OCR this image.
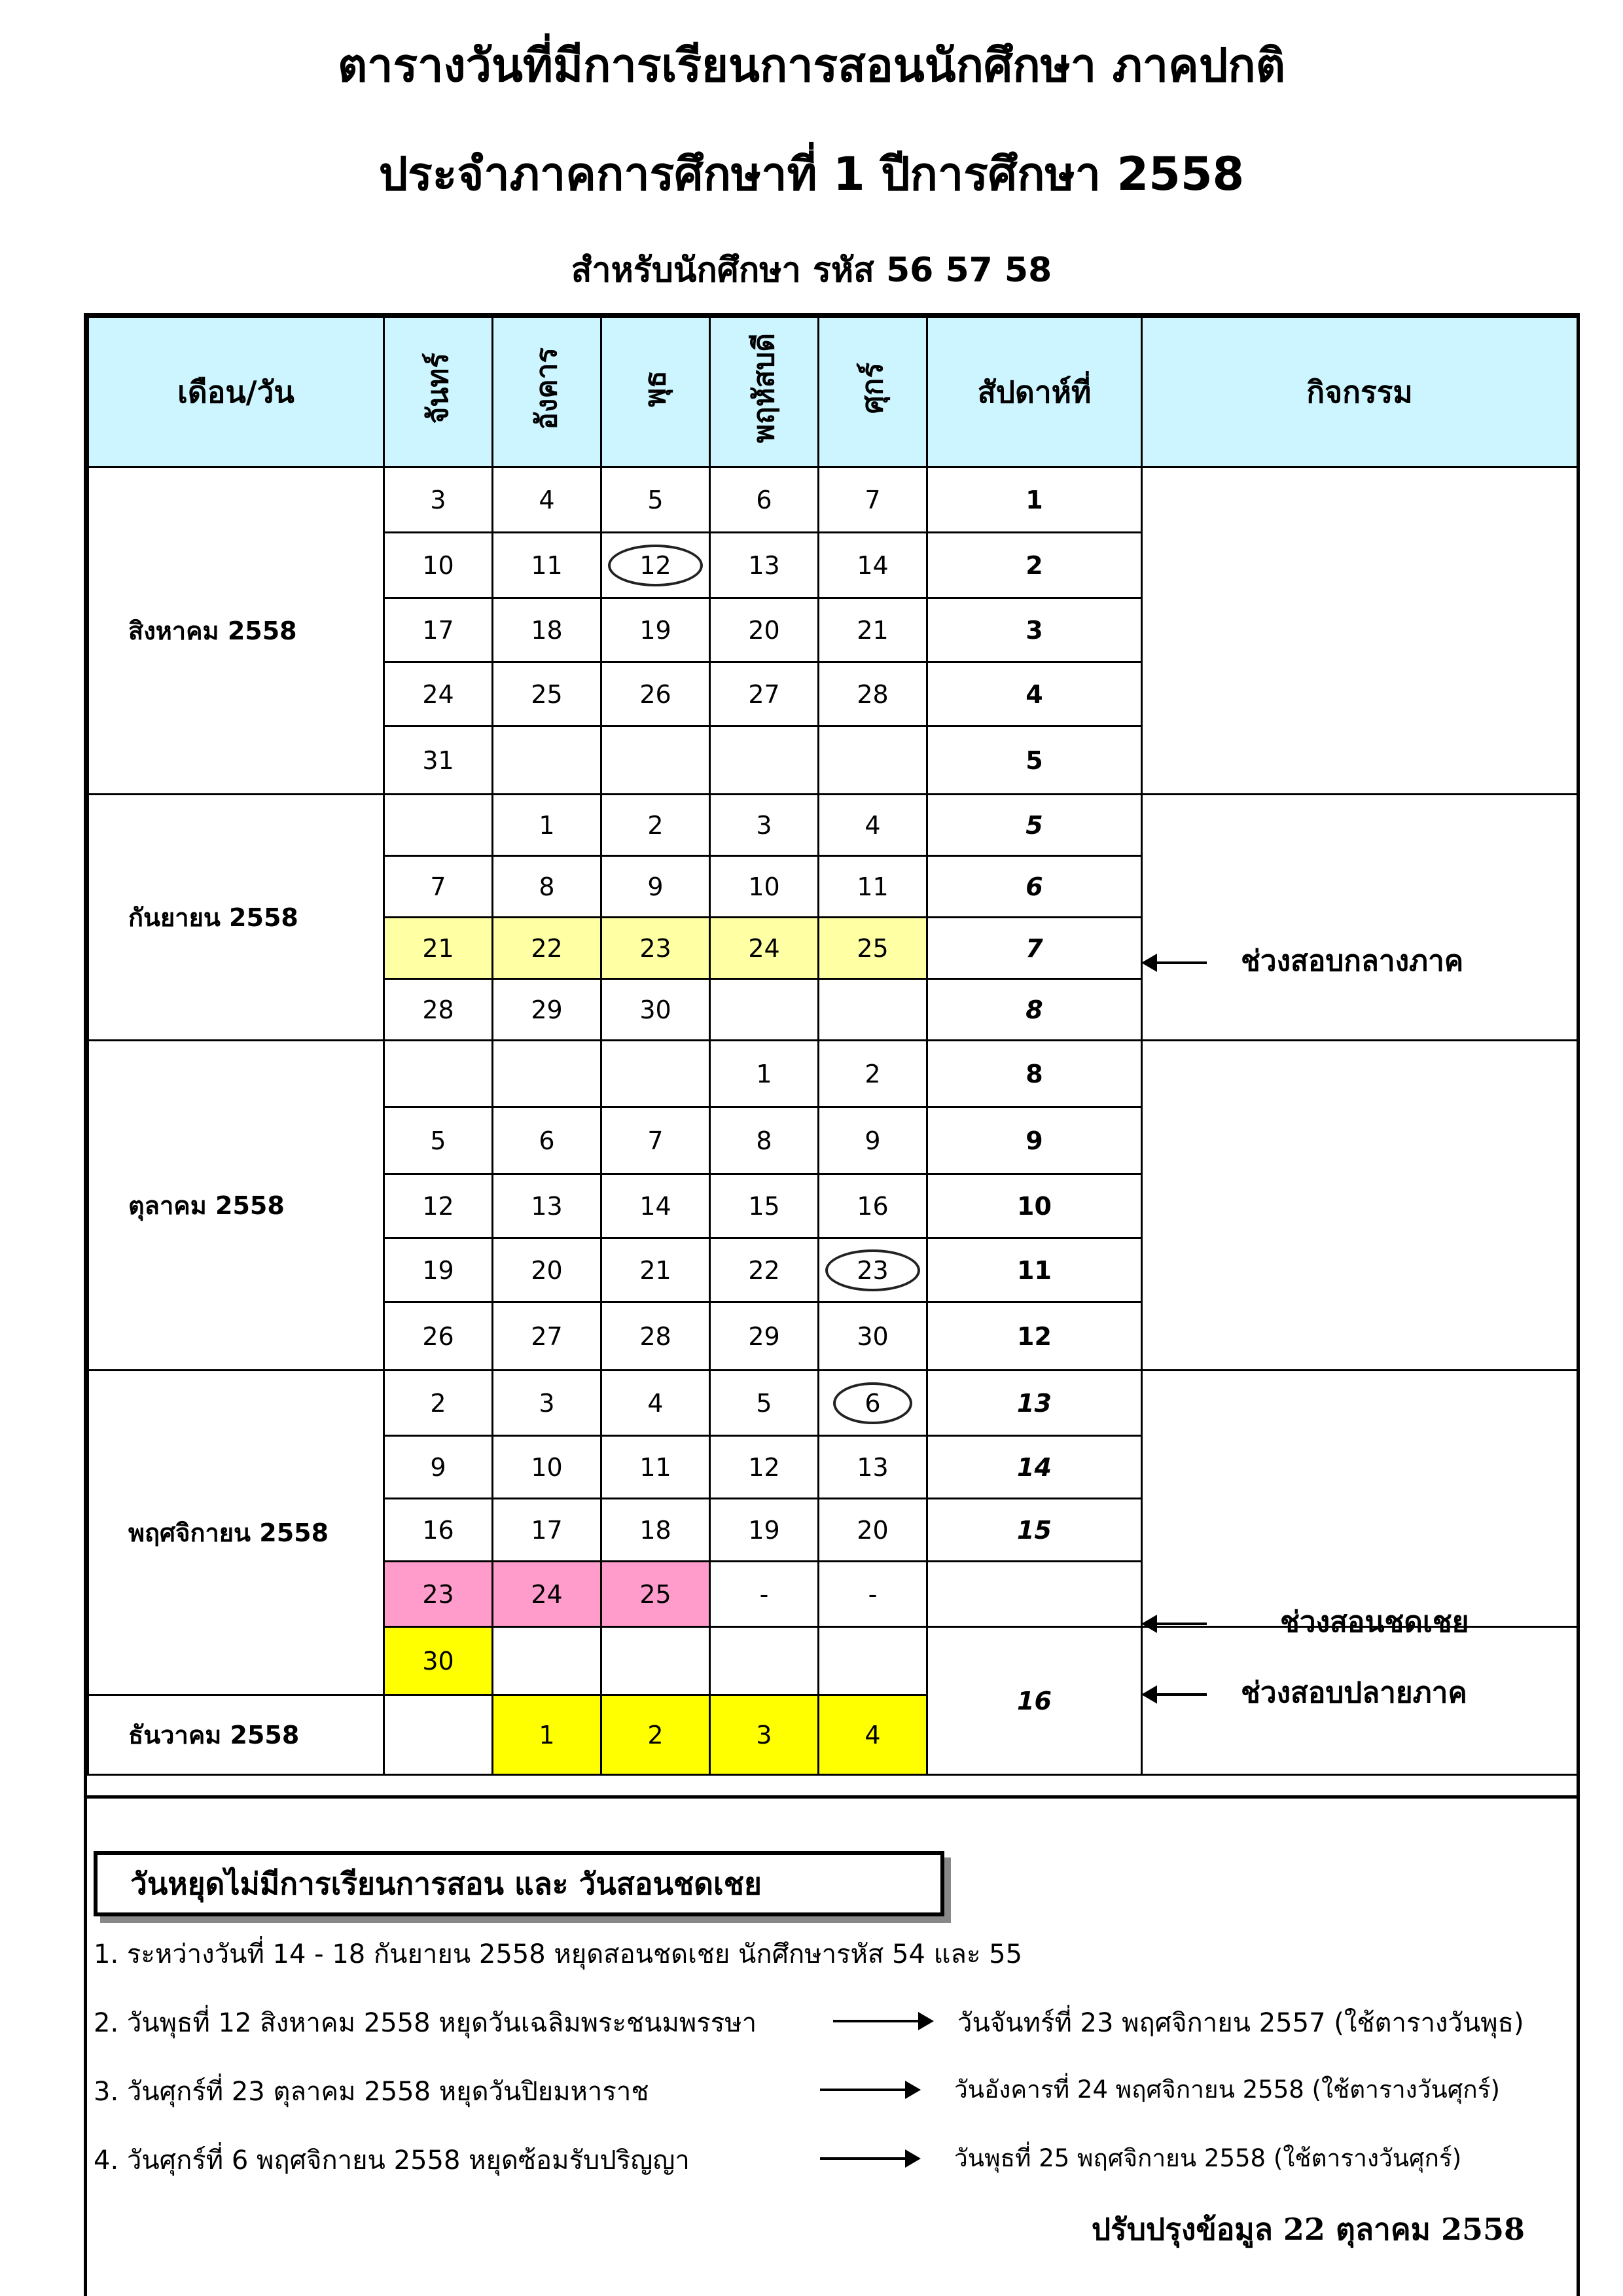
ตารางวันที่มีการเรียนการสอนนักศึกษา ภาคปกติ
ประจำภาคการศึกษาที่ 1 ปีการศึกษา 2558
สำหรับนักศึกษา รหัส 56 57 58
เดือน/วัน	จันทร์	อังคาร	พุธ	พฤหัสบดี	ศุกร์	สัปดาห์ที่	กิจกรรม
สิงหาคม 2558	3	4	5	6	7	1	
	10	11	12	13	14	2	
	17	18	19	20	21	3	
	24	25	26	27	28	4	
	31					5	
กันยายน 2558		1	2	3	4	5	
	7	8	9	10	11	6	
	21	22	23	24	25	7	
	28	29	30			8	
ตุลาคม 2558				1	2	8	
	5	6	7	8	9	9	
	12	13	14	15	16	10	
	19	20	21	22	23	11	
	26	27	28	29	30	12	
พฤศจิกายน 2558	2	3	4	5	6	13	
	9	10	11	12	13	14	
	16	17	18	19	20	15	
	23	24	25	-	-		
	30					16	
ธันวาคม 2558		1	2	3	4		
ช่วงสอบกลางภาค
ช่วงสอนชดเชย
ช่วงสอบปลายภาค
วันหยุดไม่มีการเรียนการสอน และ วันสอนชดเชย
1. ระหว่างวันที่ 14 - 18 กันยายน 2558 หยุดสอนชดเชย นักศึกษารหัส 54 และ 55
2. วันพุธที่ 12 สิงหาคม 2558 หยุดวันเฉลิมพระชนมพรรษา	วันจันทร์ที่ 23 พฤศจิกายน 2557 (ใช้ตารางวันพุธ)
3. วันศุกร์ที่ 23 ตุลาคม 2558 หยุดวันปิยมหาราช	วันอังคารที่ 24 พฤศจิกายน 2558 (ใช้ตารางวันศุกร์)
4. วันศุกร์ที่ 6 พฤศจิกายน 2558 หยุดซ้อมรับปริญญา	วันพุธที่ 25 พฤศจิกายน 2558 (ใช้ตารางวันศุกร์)
ปรับปรุงข้อมูล 22 ตุลาคม 2558
